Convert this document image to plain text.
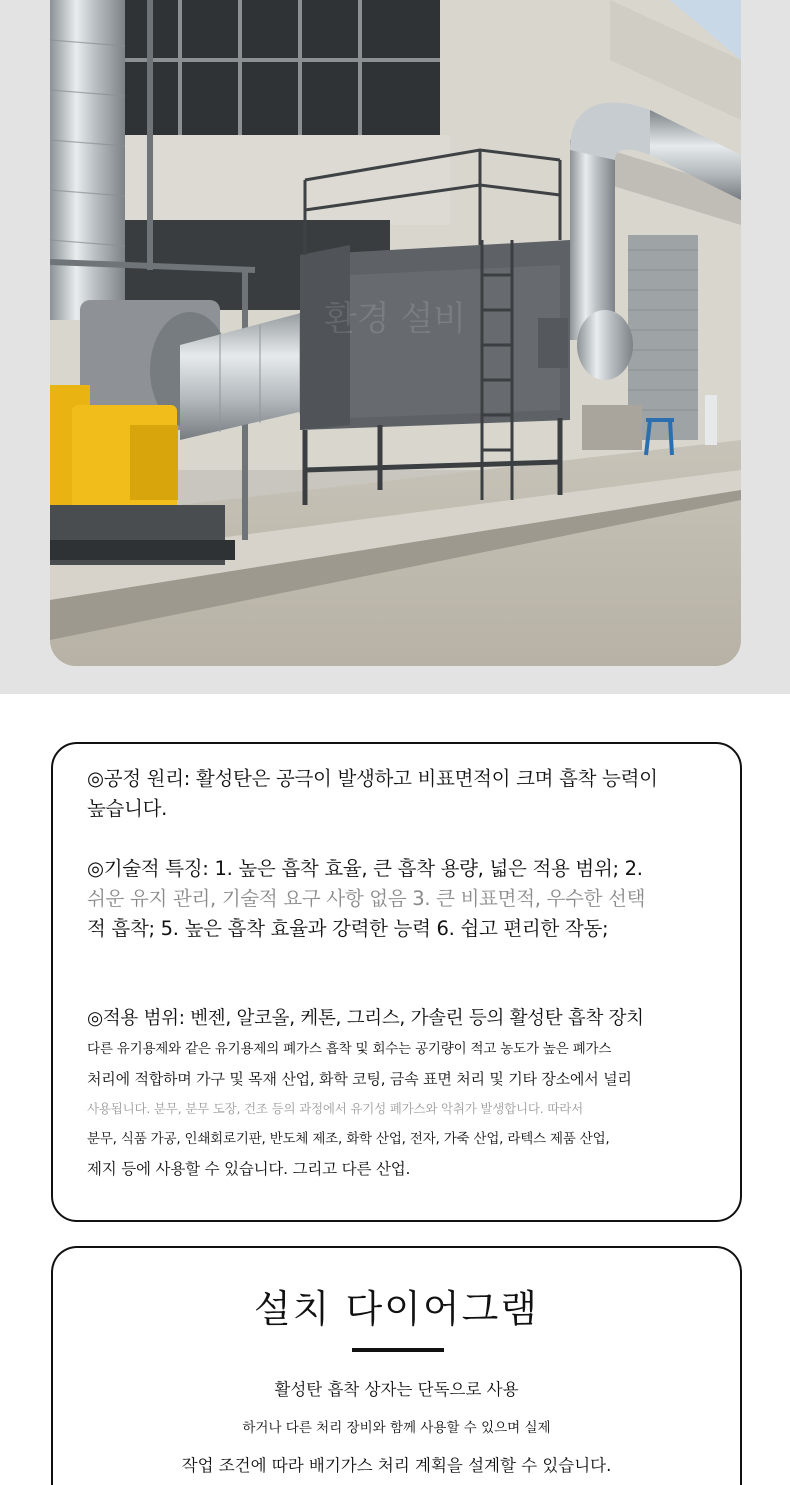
환경 설비
◎공정 원리: 활성탄은 공극이 발생하고 비표면적이 크며 흡착 능력이
높습니다.
◎기술적 특징: 1. 높은 흡착 효율, 큰 흡착 용량, 넓은 적용 범위; 2.
쉬운 유지 관리, 기술적 요구 사항 없음 3. 큰 비표면적, 우수한 선택
적 흡착; 5. 높은 흡착 효율과 강력한 능력 6. 쉽고 편리한 작동;
◎적용 범위: 벤젠, 알코올, 케톤, 그리스, 가솔린 등의 활성탄 흡착 장치
다른 유기용제와 같은 유기용제의 폐가스 흡착 및 회수는 공기량이 적고 농도가 높은 폐가스
처리에 적합하며 가구 및 목재 산업, 화학 코팅, 금속 표면 처리 및 기타 장소에서 널리
사용됩니다. 분무, 분무 도장, 건조 등의 과정에서 유기성 폐가스와 악취가 발생합니다. 따라서
분무, 식품 가공, 인쇄회로기판, 반도체 제조, 화학 산업, 전자, 가죽 산업, 라텍스 제품 산업,
제지 등에 사용할 수 있습니다. 그리고 다른 산업.
설치 다이어그램
활성탄 흡착 상자는 단독으로 사용
하거나 다른 처리 장비와 함께 사용할 수 있으며 실제
작업 조건에 따라 배기가스 처리 계획을 설계할 수 있습니다.
